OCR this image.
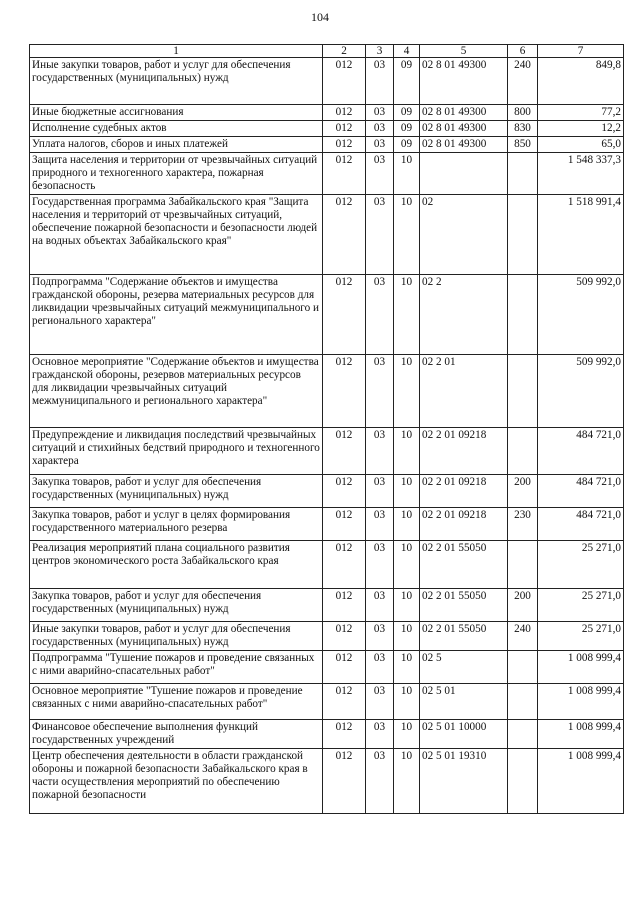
104
1	2	3	4	5	6	7
Иные закупки товаров, работ и услуг для обеспечения государственных (муниципальных) нужд	012	03	09	02 8 01 49300	240	849,8
Иные бюджетные ассигнования	012	03	09	02 8 01 49300	800	77,2
Исполнение судебных актов	012	03	09	02 8 01 49300	830	12,2
Уплата налогов, сборов и иных платежей	012	03	09	02 8 01 49300	850	65,0
Защита населения и территории от чрезвычайных ситуаций природного и техногенного характера, пожарная безопасность	012	03	10			1 548 337,3
Государственная программа Забайкальского края "Защита населения и территорий от чрезвычайных ситуаций, обеспечение пожарной безопасности и безопасности людей на водных объектах Забайкальского края"	012	03	10	02		1 518 991,4
Подпрограмма "Содержание объектов и имущества гражданской обороны, резерва материальных ресурсов для ликвидации чрезвычайных ситуаций межмуниципального и регионального характера"	012	03	10	02 2		509 992,0
Основное мероприятие "Содержание объектов и имущества гражданской обороны, резервов материальных ресурсов для ликвидации чрезвычайных ситуаций межмуниципального и регионального характера"	012	03	10	02 2 01		509 992,0
Предупреждение и ликвидация последствий чрезвычайных ситуаций и стихийных бедствий природного и техногенного характера	012	03	10	02 2 01 09218		484 721,0
Закупка товаров, работ и услуг для обеспечения государственных (муниципальных) нужд	012	03	10	02 2 01 09218	200	484 721,0
Закупка товаров, работ и услуг в целях формирования государственного материального резерва	012	03	10	02 2 01 09218	230	484 721,0
Реализация мероприятий плана социального развития центров экономического роста Забайкальского края	012	03	10	02 2 01 55050		25 271,0
Закупка товаров, работ и услуг для обеспечения государственных (муниципальных) нужд	012	03	10	02 2 01 55050	200	25 271,0
Иные закупки товаров, работ и услуг для обеспечения государственных (муниципальных) нужд	012	03	10	02 2 01 55050	240	25 271,0
Подпрограмма "Тушение пожаров и проведение связанных с ними аварийно-спасательных работ"	012	03	10	02 5		1 008 999,4
Основное мероприятие "Тушение пожаров и проведение связанных с ними аварийно-спасательных работ"	012	03	10	02 5 01		1 008 999,4
Финансовое обеспечение выполнения функций государственных учреждений	012	03	10	02 5 01 10000		1 008 999,4
Центр обеспечения деятельности в области гражданской обороны и пожарной безопасности Забайкальского края в части осуществления мероприятий по обеспечению пожарной безопасности	012	03	10	02 5 01 19310		1 008 999,4
